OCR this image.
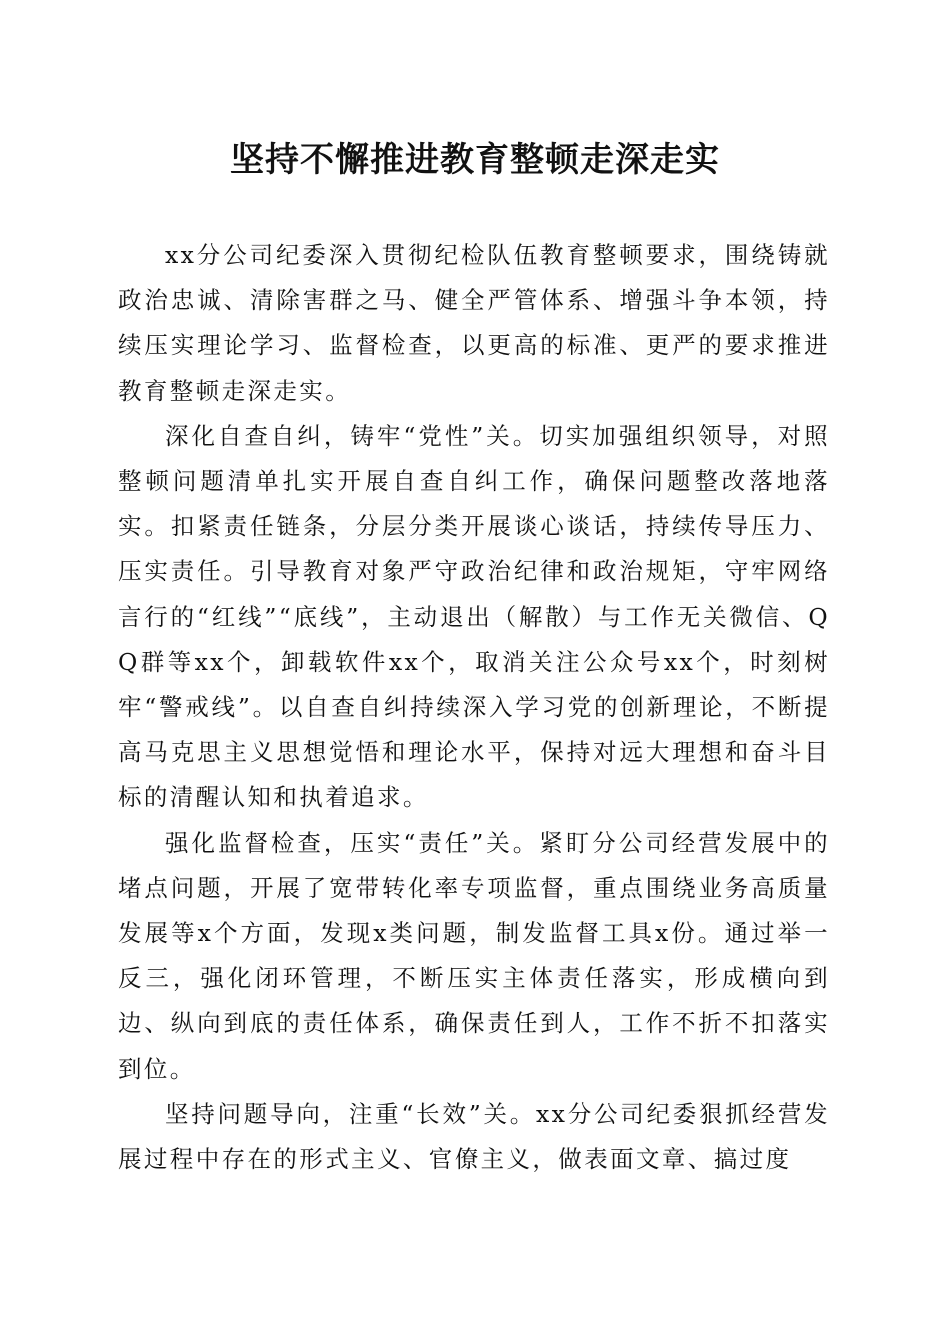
坚持不懈推进教育整顿走深走实

xx分公司纪委深入贯彻纪检队伍教育整顿要求，围绕铸就政治忠诚、清除害群之马、健全严管体系、增强斗争本领，持续压实理论学习、监督检查，以更高的标准、更严的要求推进教育整顿走深走实。

深化自查自纠，铸牢“党性”关。切实加强组织领导，对照整顿问题清单扎实开展自查自纠工作，确保问题整改落地落实。扣紧责任链条，分层分类开展谈心谈话，持续传导压力、压实责任。引导教育对象严守政治纪律和政治规矩，守牢网络言行的“红线”“底线”，主动退出（解散）与工作无关微信、QQ群等xx个，卸载软件xx个，取消关注公众号xx个，时刻树牢“警戒线”。以自查自纠持续深入学习党的创新理论，不断提高马克思主义思想觉悟和理论水平，保持对远大理想和奋斗目标的清醒认知和执着追求。

强化监督检查，压实“责任”关。紧盯分公司经营发展中的堵点问题，开展了宽带转化率专项监督，重点围绕业务高质量发展等x个方面，发现x类问题，制发监督工具x份。通过举一反三，强化闭环管理，不断压实主体责任落实，形成横向到边、纵向到底的责任体系，确保责任到人，工作不折不扣落实到位。

坚持问题导向，注重“长效”关。xx分公司纪委狠抓经营发展过程中存在的形式主义、官僚主义，做表面文章、搞过度
